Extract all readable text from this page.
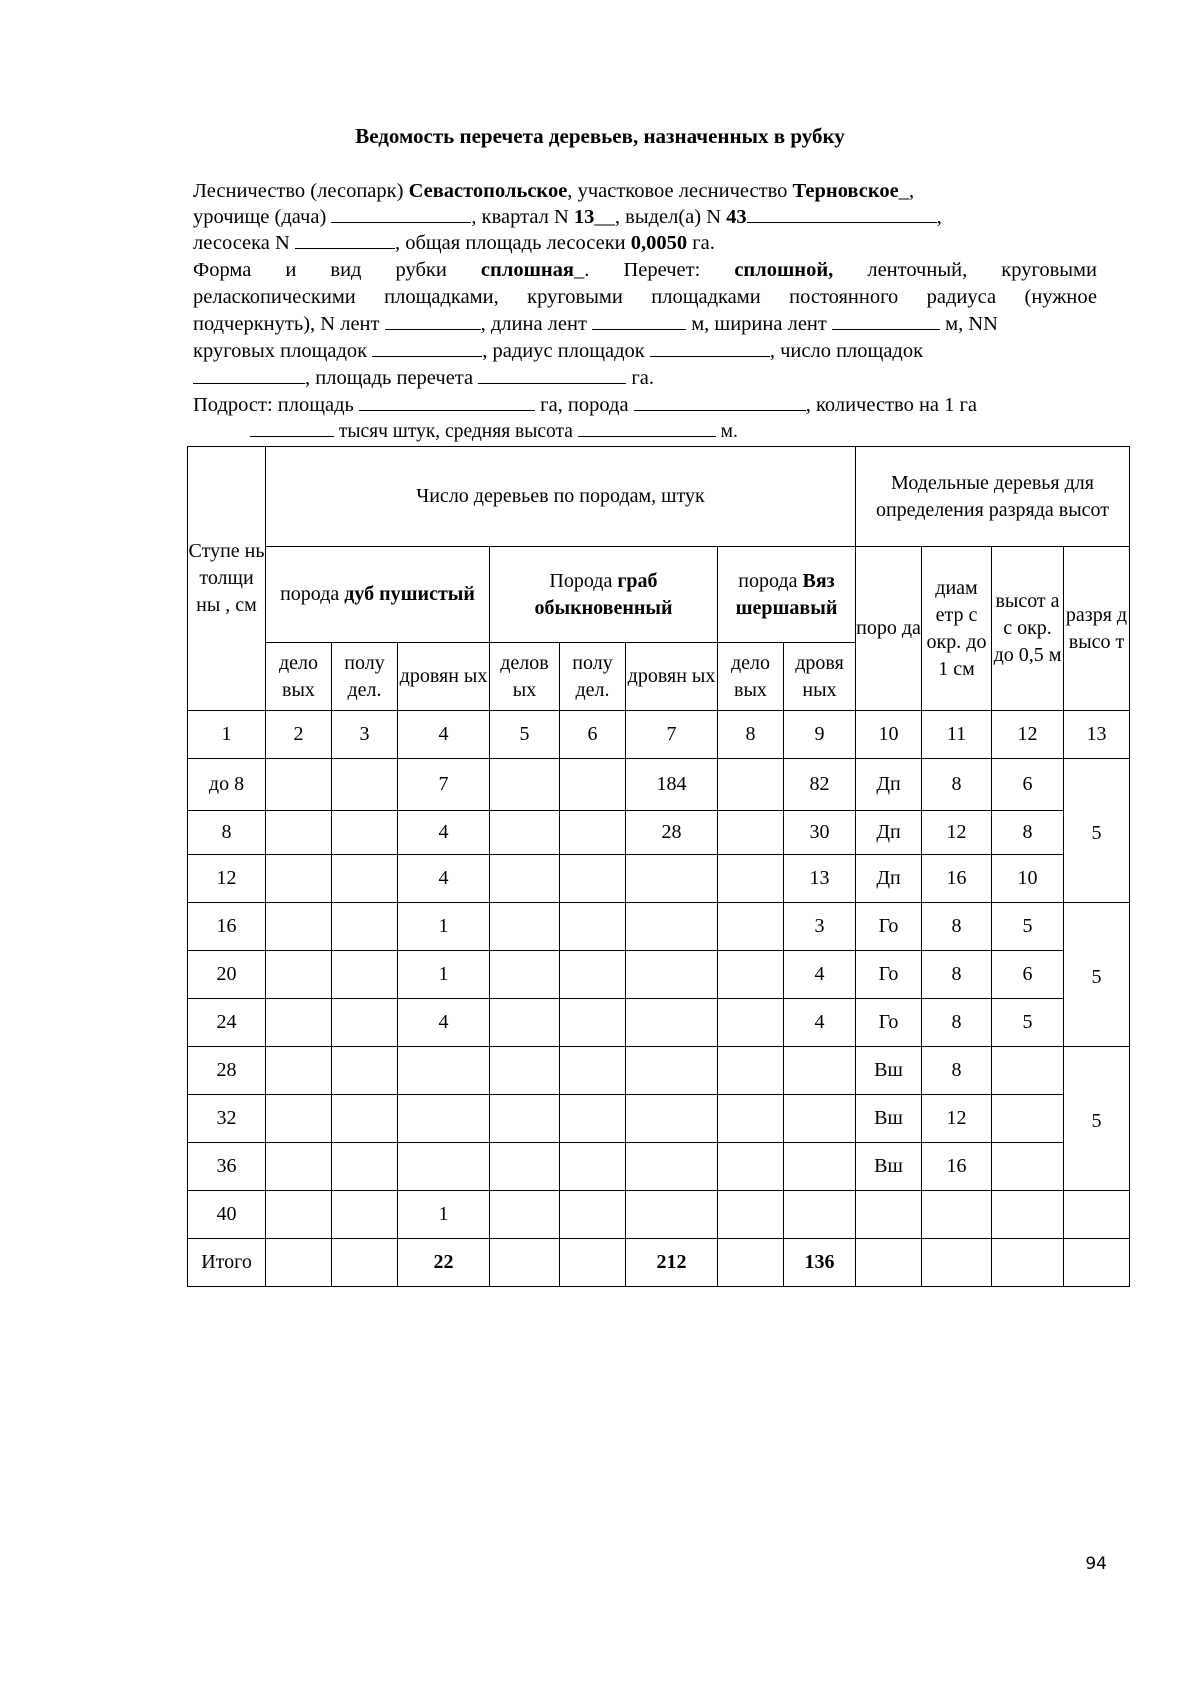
Ведомость перечета деревьев, назначенных в рубку
Лесничество (лесопарк) Севастопольское, участковое лесничество Терновское_,
урочище (дача)	, квартал N 13__, выдел(а) N 43	,
лесосека N	, общая площадь лесосеки 0,0050 га.
Форма и вид рубки сплошная_. Перечет: сплошной, ленточный, круговыми
реласкопическими площадками, круговыми площадками постоянного радиуса (нужное
подчеркнуть), N лент	, длина лент	м, ширина лент	м, NN
круговых площадок	, радиус площадок	, число площадок
, площадь перечета	га.
Подрост: площадь	га, порода	, количество на 1 га
тысяч штук, средняя высота	м.
Ступе нь толщи ны , см	Число деревьев по породам, штук								Модельные деревья для определения разряда высот			
	порода дуб пушистый			Порода граб обыкновенный			порода Вяз шершавый		поро да	диам етр с окр. до 1 см	высот а с окр. до 0,5 м	разря д высо т
	дело вых	полу дел.	дровян ых	делов ых	полу дел.	дровян ых	дело вых	дровя ных				
1	2	3	4	5	6	7	8	9	10	11	12	13
до 8			7			184		82	Дп	8	6	5
8			4			28		30	Дп	12	8	
12			4					13	Дп	16	10	
16			1					3	Го	8	5	5
20			1					4	Го	8	6	
24			4					4	Го	8	5	
28									Вш	8		5
32									Вш	12		
36									Вш	16		
40			1									
Итого			22			212		136				
94
